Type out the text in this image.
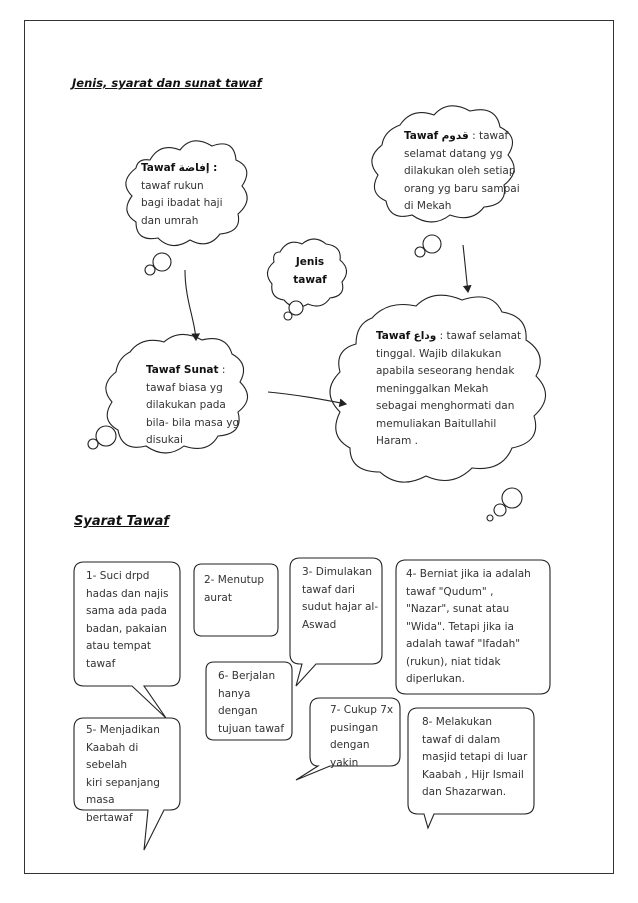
Jenis, syarat dan sunat tawaf
Tawaf إفاضة :
tawaf rukun
bagi ibadat haji
dan umrah
Jenis
tawaf
Tawaf قدوم : tawaf
selamat datang yg
dilakukan oleh setiap
orang yg baru sampai
di Mekah
Tawaf Sunat :
tawaf biasa yg
dilakukan pada
bila- bila masa yg
disukai
Tawaf وداع : tawaf selamat
tinggal. Wajib dilakukan
apabila seseorang hendak
meninggalkan Mekah
sebagai menghormati dan
memuliakan Baitullahil
Haram .
Syarat Tawaf
1- Suci drpd
hadas dan najis
sama ada pada
badan, pakaian
atau tempat
tawaf
2- Menutup
aurat
3- Dimulakan
tawaf dari
sudut hajar al-
Aswad
4- Berniat jika ia adalah
tawaf "Qudum" ,
"Nazar", sunat atau
"Wida". Tetapi jika ia
adalah tawaf "Ifadah"
(rukun), niat tidak
diperlukan.
5- Menjadikan
Kaabah di sebelah
kiri sepanjang masa
bertawaf
6- Berjalan
hanya dengan
tujuan tawaf
7- Cukup 7x
pusingan
dengan yakin
8- Melakukan
tawaf di dalam
masjid tetapi di luar
Kaabah , Hijr Ismail
dan Shazarwan.
